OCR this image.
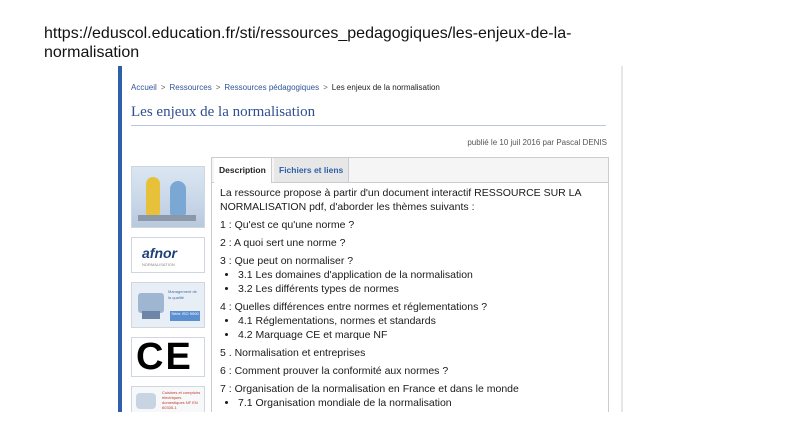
https://eduscol.education.fr/sti/ressources_pedagogiques/les-enjeux-de-la-normalisation
Accueil > Ressources > Ressources pédagogiques > Les enjeux de la normalisation
Les enjeux de la normalisation
publié le 10 juil 2016 par Pascal DENIS
afnor
NORMALISATION
Management de la qualité
Série ISO 9000
CE
Cuisines et comptoirs électriques domestiques NF EN 60335-1
Description	Fichiers et liens

La ressource propose à partir d'un document interactif RESSOURCE SUR LA

NORMALISATION pdf, d'aborder les thèmes suivants :

1 : Qu'est ce qu'une norme ?

2 : A quoi sert une norme ?

3 : Que peut on normaliser ?

• 3.1 Les domaines d'application de la normalisation
• 3.2 Les différents types de normes

4 : Quelles différences entre normes et réglementations ?

• 4.1 Réglementations, normes et standards
• 4.2 Marquage CE et marque NF

5 . Normalisation et entreprises

6 : Comment prouver la conformité aux normes ?

7 : Organisation de la normalisation en France et dans le monde

• 7.1 Organisation mondiale de la normalisation
